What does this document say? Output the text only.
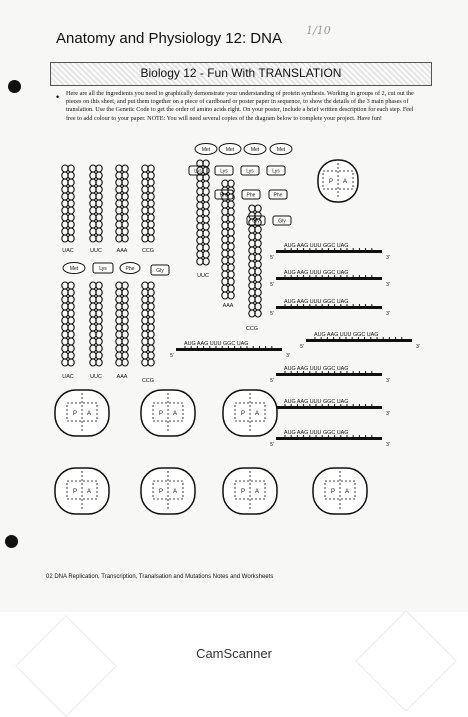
Anatomy and Physiology 12: DNA 1/10
Biology 12 - Fun With TRANSLATION
• Here are all the ingredients you need to graphically demonstrate your understanding of protein synthesis. Working in groups of 2, cut out the pieces on this sheet, and put them together on a piece of cardboard or poster paper in sequence, to show the details of the 3 main phases of translation. Use the Genetic Code to get the order of amino acids right. On your poster, include a brief written description for each step. Feel free to add colour to your paper. NOTE: You will need several copies of the diagram below to complete your project. Have fun!

Met	Met	Met	Met
Lys	Lys	Lys	Lys
Phe	Phe	Phe
Gly	Gly
P A
UAC	UUC	AAA	CCG
UUC
AAA
CCG
Met	Lys	Phe	Gly
UAC	UUC	AAA
CCG
AUG AAG UUU GGC UAG
5'	3'
AUG AAG UUU GGC UAG
5'	3'
AUG AAG UUU GGC UAG
5'	3'
AUG AAG UUU GGC UAG
5'	3'
AUG AAG UUU GGC UAG
5'	3'
AUG AAG UUU GGC UAG
3'
AUG AAG UUU GGC UAG
5'	3'
AUG AAG UUU GGC UAG
5'	3'
P A	P A	P A
P A	P A	P A	P A
02 DNA Replication, Transcription, Tranalsation and Mutations Notes and Worksheets
CamScanner
